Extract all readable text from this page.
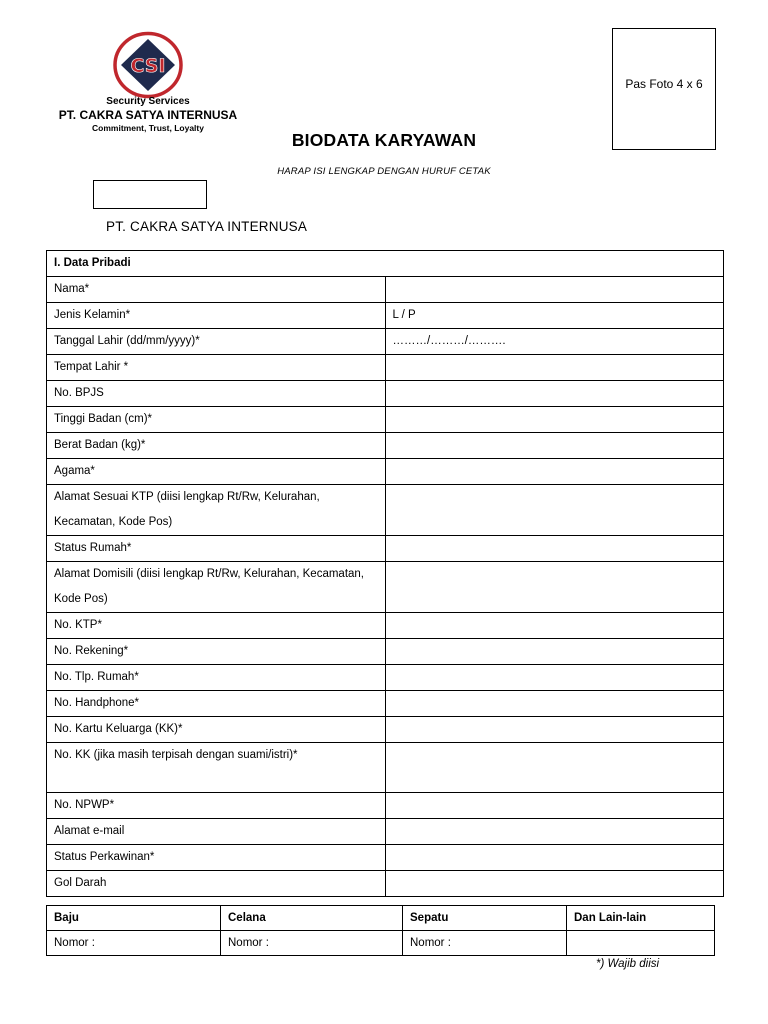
CSI
Security Services
PT. CAKRA SATYA INTERNUSA
Commitment, Trust, Loyalty
Pas Foto 4 x 6
BIODATA KARYAWAN
HARAP ISI LENGKAP DENGAN HURUF CETAK
PT. CAKRA SATYA INTERNUSA
I. Data Pribadi	
Nama*	
Jenis Kelamin*	L / P
Tanggal Lahir (dd/mm/yyyy)*	………/………/……….
Tempat Lahir *	
No. BPJS	
Tinggi Badan (cm)*	
Berat Badan (kg)*	
Agama*	
Alamat Sesuai KTP (diisi lengkap Rt/Rw, Kelurahan, Kecamatan, Kode Pos)	
Status Rumah*	
Alamat Domisili (diisi lengkap Rt/Rw, Kelurahan, Kecamatan, Kode Pos)	
No. KTP*	
No. Rekening*	
No. Tlp. Rumah*	
No. Handphone*	
No. Kartu Keluarga (KK)*	
No. KK (jika masih terpisah dengan suami/istri)*	
No. NPWP*	
Alamat e-mail	
Status Perkawinan*	
Gol Darah	
Baju	Celana	Sepatu	Dan Lain-lain
Nomor :	Nomor :	Nomor :	
*) Wajib diisi
